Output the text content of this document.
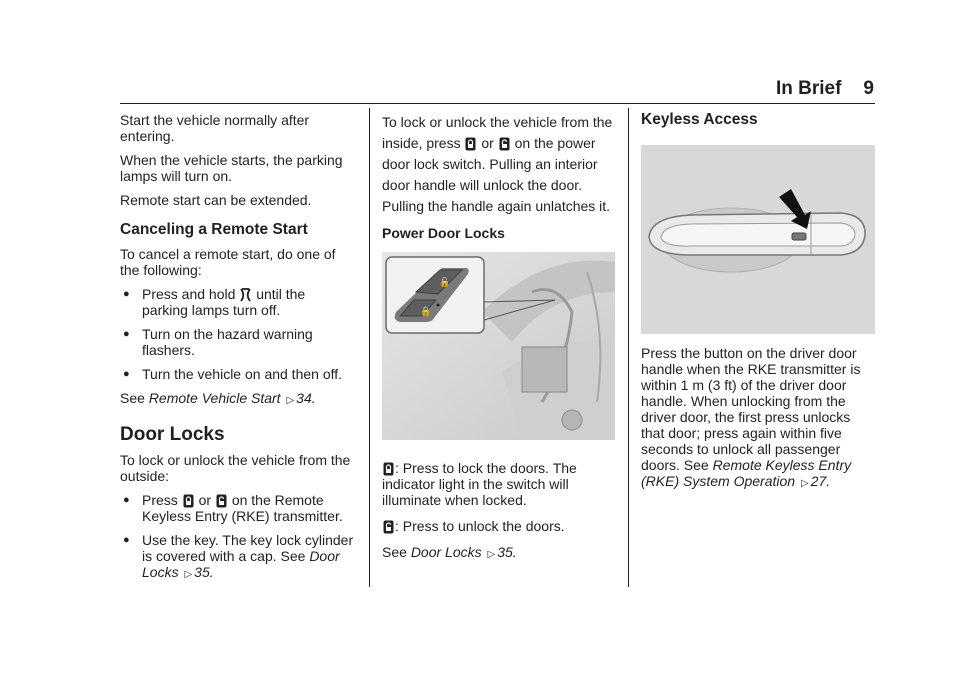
In Brief 9
Start the vehicle normally after entering.
When the vehicle starts, the parking lamps will turn on.
Remote start can be extended.
Canceling a Remote Start
To cancel a remote start, do one of the following:
● Press and hold until the parking lamps turn off.
● Turn on the hazard warning flashers.
● Turn the vehicle on and then off.
See Remote Vehicle Start ▷ 34.
Door Locks
To lock or unlock the vehicle from the outside:
● Press or on the Remote Keyless Entry (RKE) transmitter.
● Use the key. The key lock cylinder is covered with a cap. See Door Locks ▷ 35.
To lock or unlock the vehicle from the inside, press or on the power door lock switch. Pulling an interior door handle will unlock the door. Pulling the handle again unlatches it.
Power Door Locks
🔓
🔒
: Press to lock the doors. The indicator light in the switch will illuminate when locked.
: Press to unlock the doors.
See Door Locks ▷ 35.
Keyless Access
Press the button on the driver door handle when the RKE transmitter is within 1 m (3 ft) of the driver door handle. When unlocking from the driver door, the first press unlocks that door; press again within five seconds to unlock all passenger doors. See Remote Keyless Entry (RKE) System Operation ▷ 27.
